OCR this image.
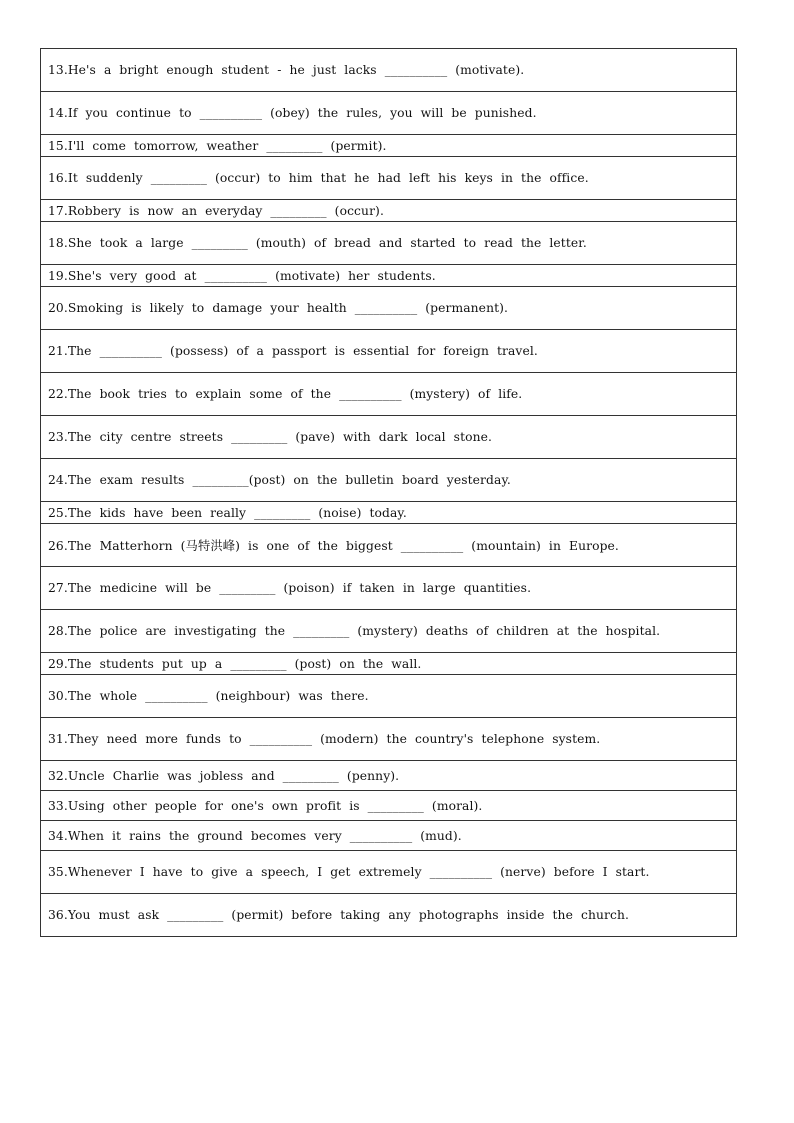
13.He's a bright enough student - he just lacks __________ (motivate).
14.If you continue to __________ (obey) the rules, you will be punished.
15.I'll come tomorrow, weather _________ (permit).
16.It suddenly _________ (occur) to him that he had left his keys in the office.
17.Robbery is now an everyday _________ (occur).
18.She took a large _________ (mouth) of bread and started to read the letter.
19.She's very good at __________ (motivate) her students.
20.Smoking is likely to damage your health __________ (permanent).
21.The __________ (possess) of a passport is essential for foreign travel.
22.The book tries to explain some of the __________ (mystery) of life.
23.The city centre streets _________ (pave) with dark local stone.
24.The exam results _________(post) on the bulletin board yesterday.
25.The kids have been really _________ (noise) today.
26.The Matterhorn (马特洪峰) is one of the biggest __________ (mountain) in Europe.
27.The medicine will be _________ (poison) if taken in large quantities.
28.The police are investigating the _________ (mystery) deaths of children at the hospital.
29.The students put up a _________ (post) on the wall.
30.The whole __________ (neighbour) was there.
31.They need more funds to __________ (modern) the country's telephone system.
32.Uncle Charlie was jobless and _________ (penny).
33.Using other people for one's own profit is _________ (moral).
34.When it rains the ground becomes very __________ (mud).
35.Whenever I have to give a speech, I get extremely __________ (nerve) before I start.
36.You must ask _________ (permit) before taking any photographs inside the church.
